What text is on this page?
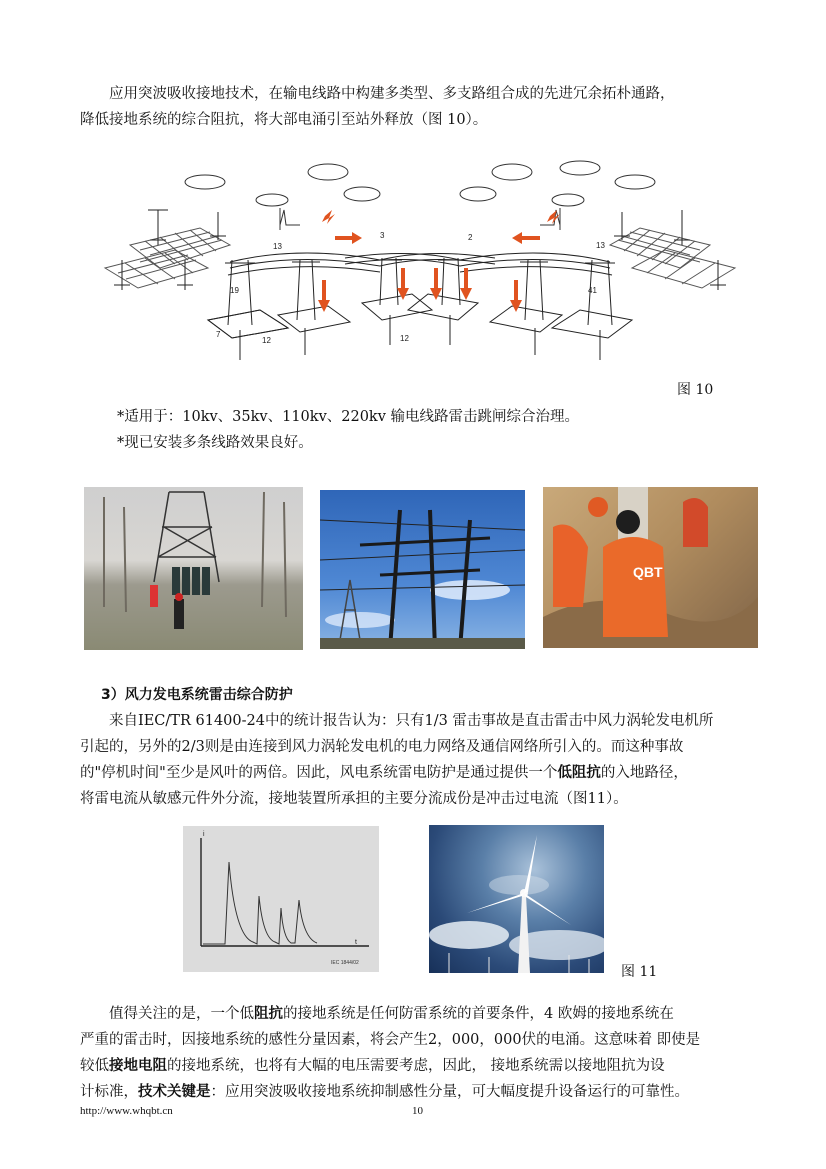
应用突波吸收接地技术，在输电线路中构建多类型、多支路组合成的先进冗余拓朴通路，
降低接地系统的综合阻抗，将大部电涌引至站外释放（图 10）。
13
19
7
12	12
3	2
13
41
图 10
*适用于：10kv、35kv、110kv、220kv 输电线路雷击跳闸综合治理。
*现已安装多条线路效果良好。
QBT
3）风力发电系统雷击综合防护
来自IEC/TR 61400-24中的统计报告认为：只有1/3 雷击事故是直击雷击中风力涡轮发电机所
引起的，另外的2/3则是由连接到风力涡轮发电机的电力网络及通信网络所引入的。而这种事故
的"停机时间"至少是风叶的两倍。因此，风电系统雷电防护是通过提供一个低阻抗的入地路径，
将雷电流从敏感元件外分流，接地装置所承担的主要分流成份是冲击过电流（图11）。
i
t
IEC 1844/02
图 11
值得关注的是，一个低阻抗的接地系统是任何防雷系统的首要条件，4 欧姆的接地系统在
严重的雷击时，因接地系统的感性分量因素，将会产生2，000，000伏的电涌。这意味着 即使是
较低接地电阻的接地系统，也将有大幅的电压需要考虑，因此， 接地系统需以接地阻抗为设
计标准，技术关键是：应用突波吸收接地系统抑制感性分量，可大幅度提升设备运行的可靠性。
http://www.whqbt.cn	10
